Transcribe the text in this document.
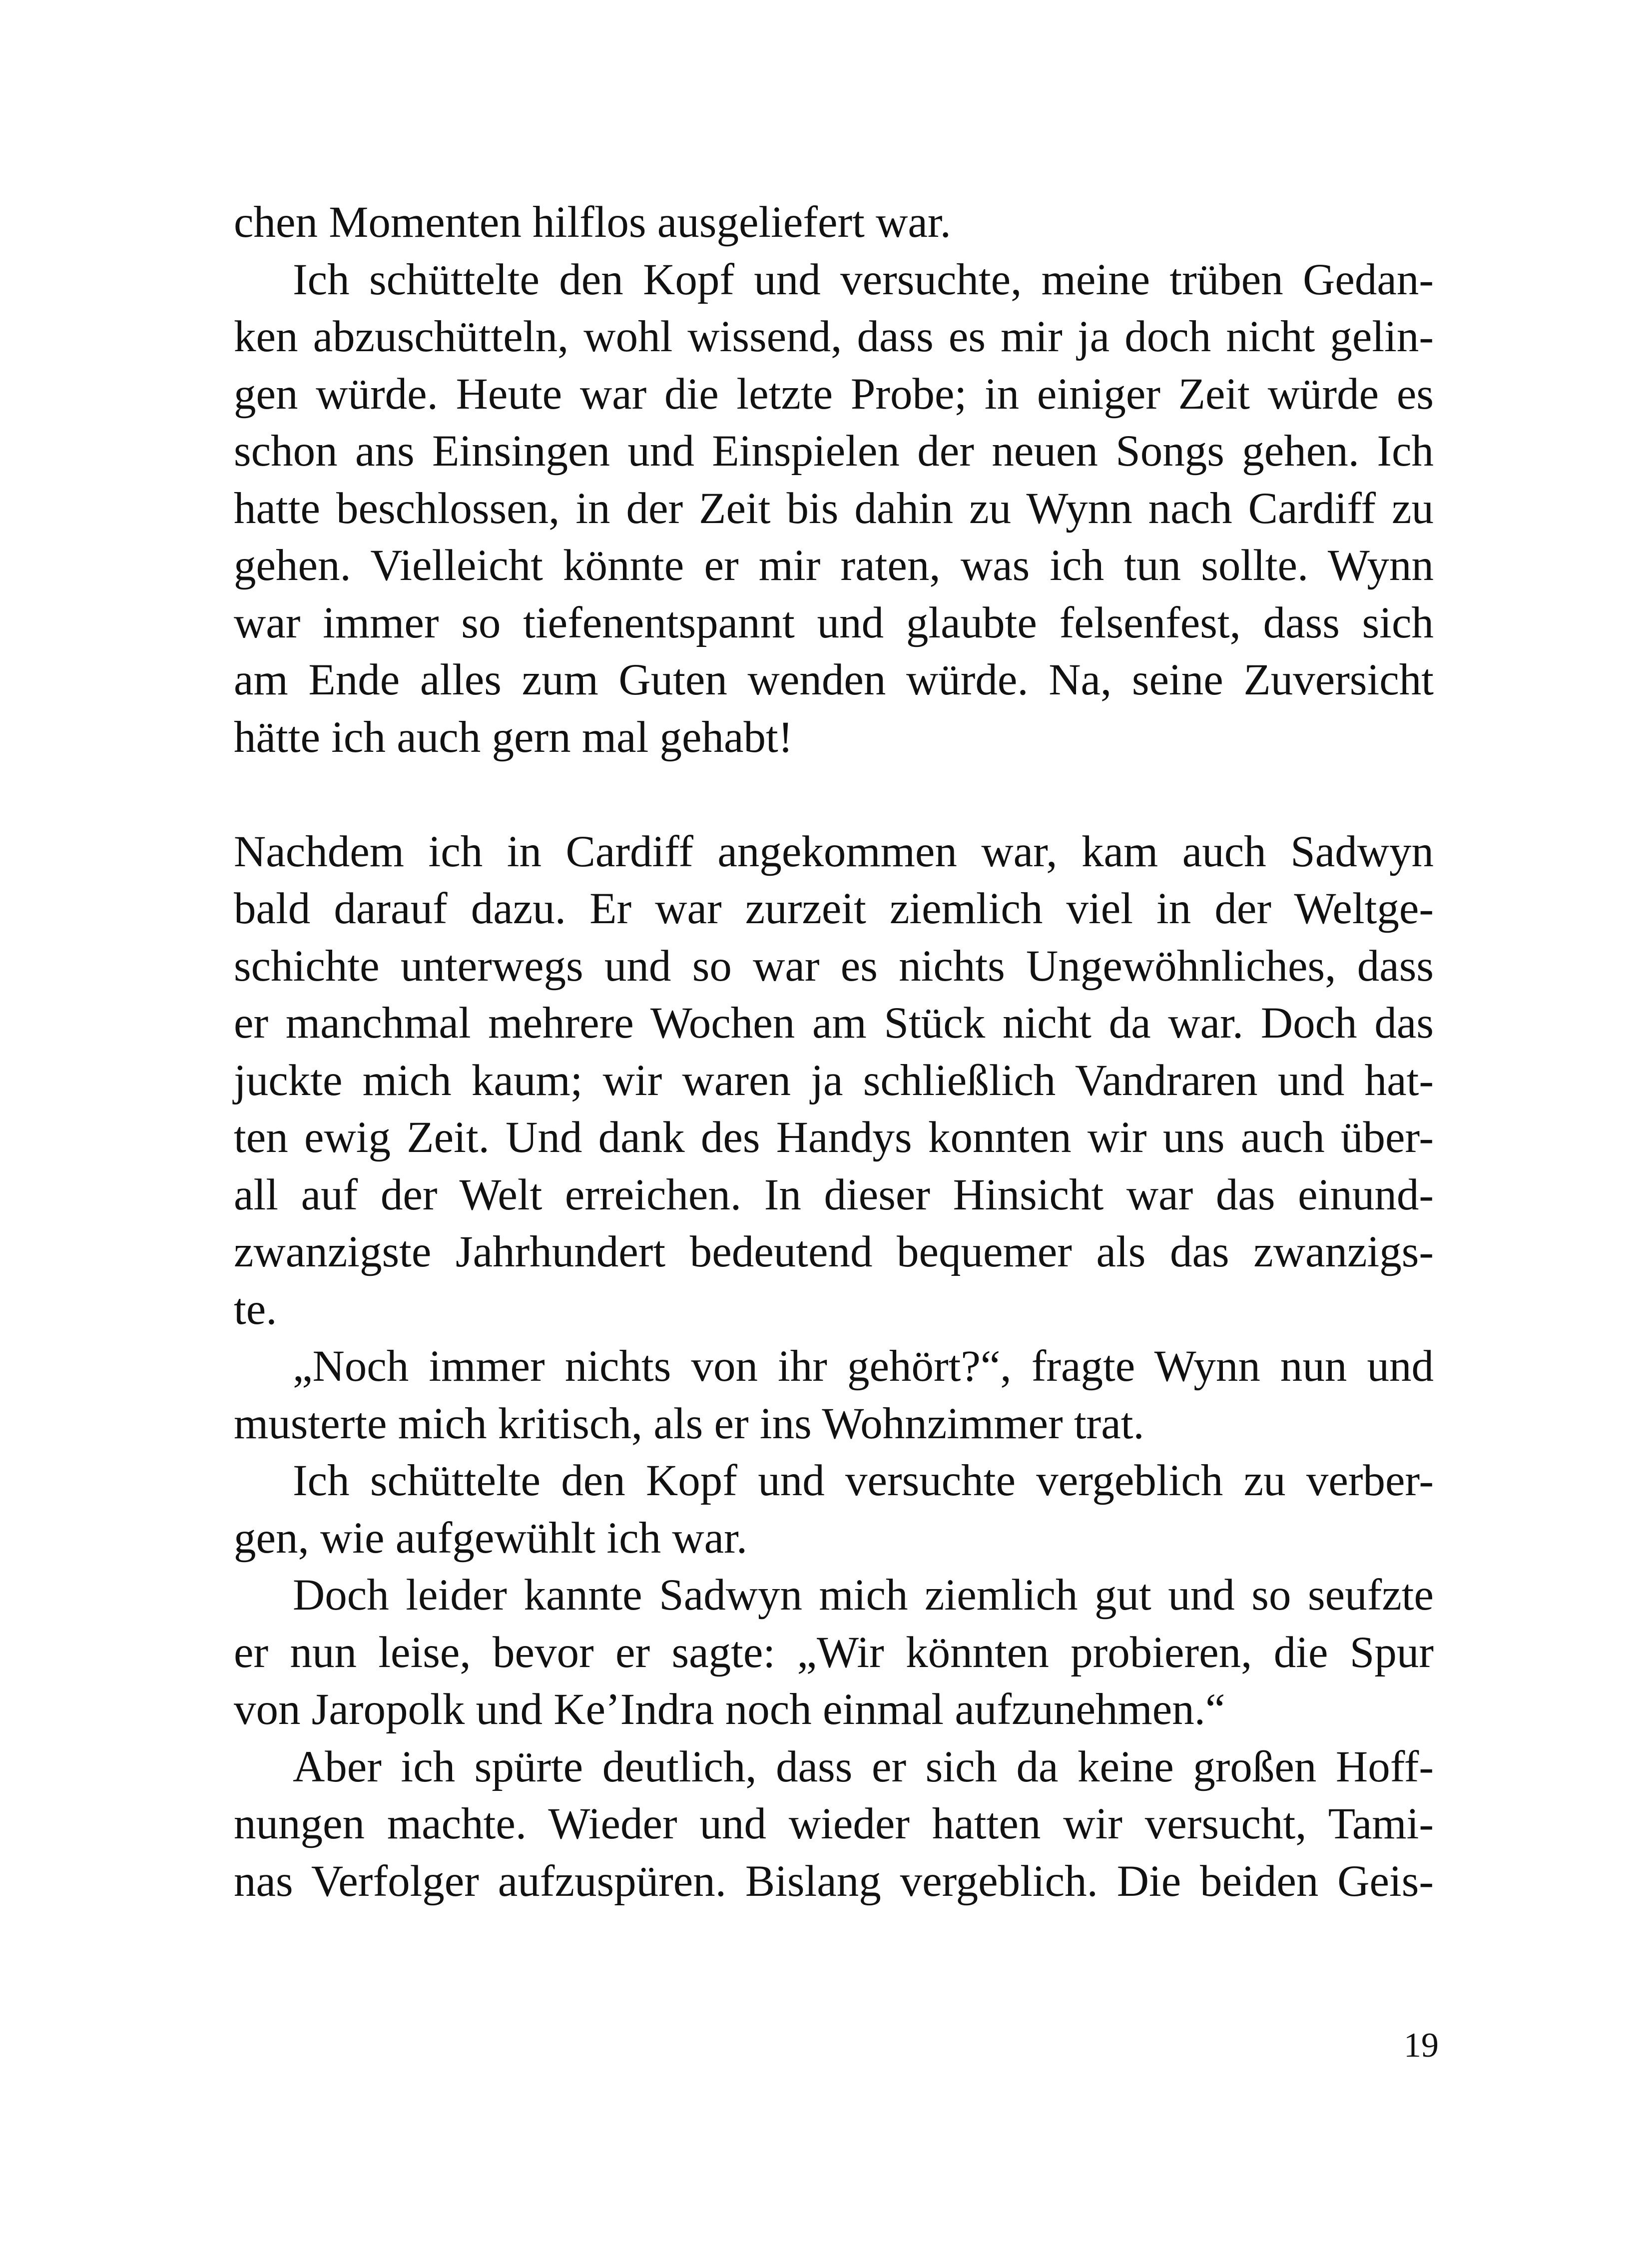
chen Momenten hilflos ausgeliefert war.
Ich schüttelte den Kopf und versuchte, meine trüben Gedan-
ken abzuschütteln, wohl wissend, dass es mir ja doch nicht gelin-
gen würde. Heute war die letzte Probe; in einiger Zeit würde es
schon ans Einsingen und Einspielen der neuen Songs gehen. Ich
hatte beschlossen, in der Zeit bis dahin zu Wynn nach Cardiff zu
gehen. Vielleicht könnte er mir raten, was ich tun sollte. Wynn
war immer so tiefenentspannt und glaubte felsenfest, dass sich
am Ende alles zum Guten wenden würde. Na, seine Zuversicht
hätte ich auch gern mal gehabt!
Nachdem ich in Cardiff angekommen war, kam auch Sadwyn
bald darauf dazu. Er war zurzeit ziemlich viel in der Weltge-
schichte unterwegs und so war es nichts Ungewöhnliches, dass
er manchmal mehrere Wochen am Stück nicht da war. Doch das
juckte mich kaum; wir waren ja schließlich Vandraren und hat-
ten ewig Zeit. Und dank des Handys konnten wir uns auch über-
all auf der Welt erreichen. In dieser Hinsicht war das einund-
zwanzigste Jahrhundert bedeutend bequemer als das zwanzigs-
te.
„Noch immer nichts von ihr gehört?“, fragte Wynn nun und
musterte mich kritisch, als er ins Wohnzimmer trat.
Ich schüttelte den Kopf und versuchte vergeblich zu verber-
gen, wie aufgewühlt ich war.
Doch leider kannte Sadwyn mich ziemlich gut und so seufzte
er nun leise, bevor er sagte: „Wir könnten probieren, die Spur
von Jaropolk und Ke’Indra noch einmal aufzunehmen.“
Aber ich spürte deutlich, dass er sich da keine großen Hoff-
nungen machte. Wieder und wieder hatten wir versucht, Tami-
nas Verfolger aufzuspüren. Bislang vergeblich. Die beiden Geis-
19
